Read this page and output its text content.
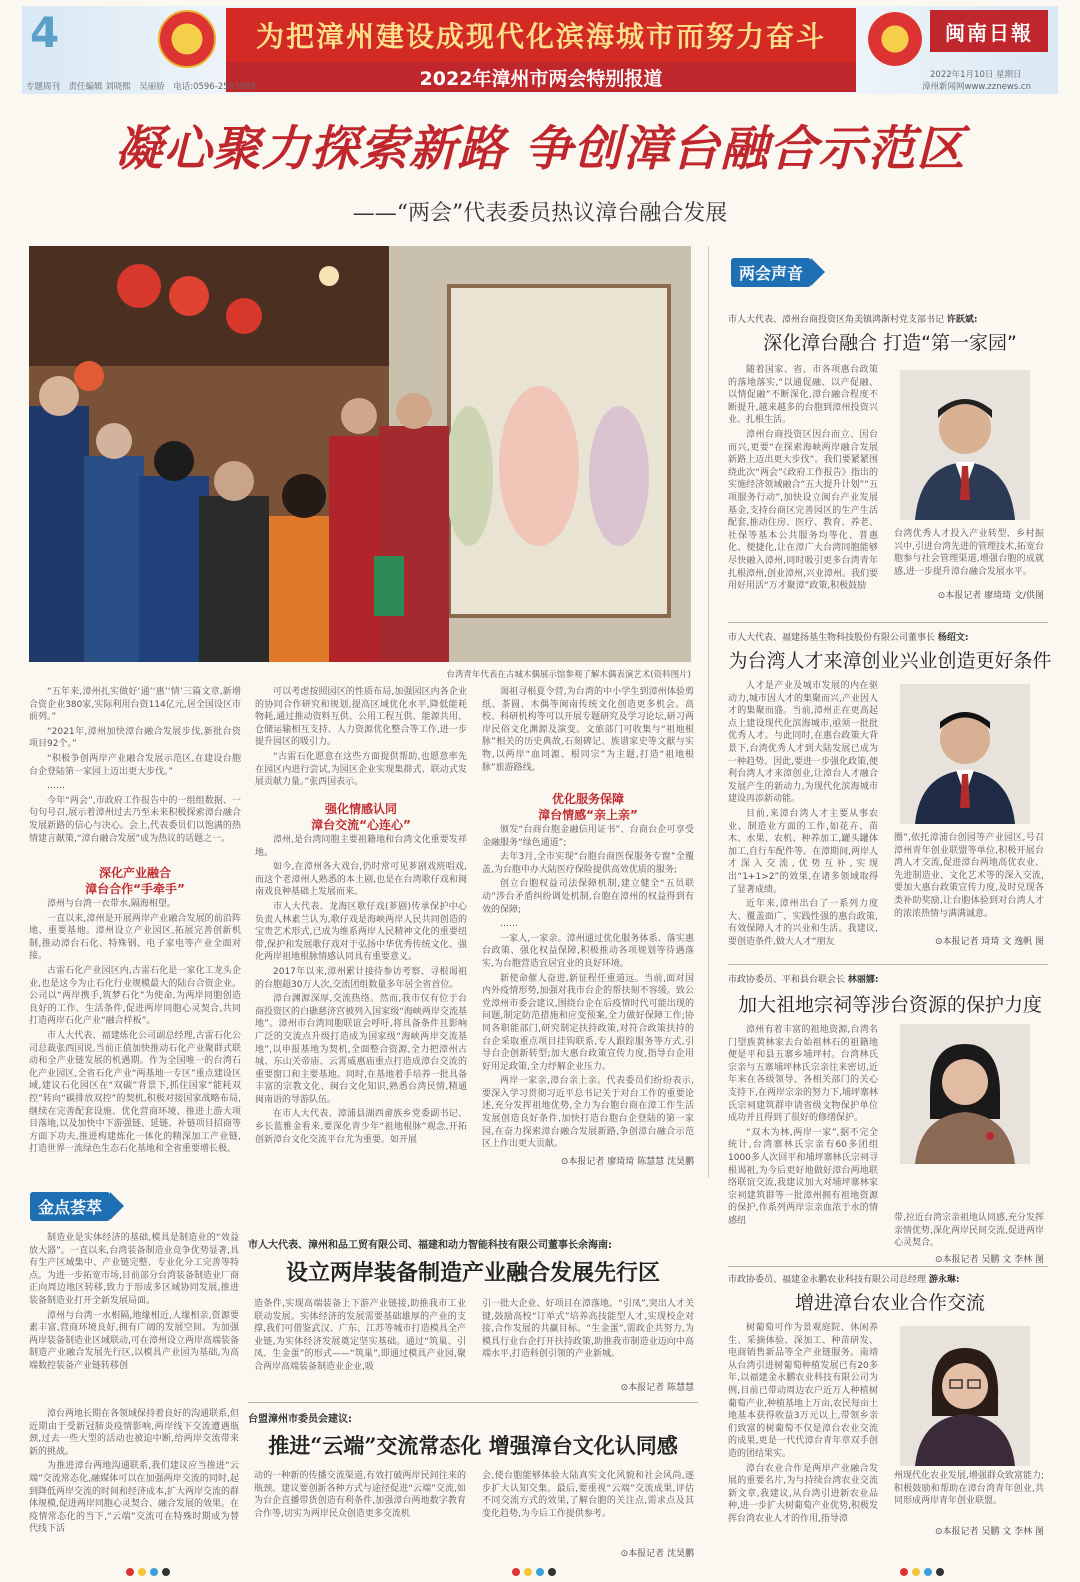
4	为把漳州建设成现代化滨海城市而努力奋斗
2022年漳州市两会特别报道
闽南日報
专题周刊　责任编辑 刘晓熙　吴丽娇　电话:0596-2593088
2022年1月10日 星期日
漳州新闻网www.zznews.cn
凝心聚力探索新路 争创漳台融合示范区
——“两会”代表委员热议漳台融合发展
台湾青年代表在古城木偶展示馆参观了解木偶表演艺术(资料图片)

“五年来,漳州扎实做好‘通’‘惠’‘情’三篇文章,新增合资企业380家,实际利用台资114亿元,居全国设区市前列。”

“2021年,漳州加快漳台融合发展步伐,新批台资项目92个。”

“积极争创两岸产业融合发展示范区,在建设台胞台企登陆第一家园上迈出更大步伐。”

……

今年“两会”,市政府工作报告中的一组组数据、一句句号召,展示着漳州过去乃至未来积极探索漳台融合发展新路的信心与决心。会上,代表委员们以饱满的热情建言献策,“漳台融合发展”成为热议的话题之一。

深化产业融合
漳台合作“手牵手”

漳州与台湾一衣带水,隔海相望。

一直以来,漳州是开展两岸产业融合发展的前沿阵地、重要基地。漳州设立产业园区,拓展完善创新机制,推动漳台石化、特殊钢、电子家电等产业全面对接。

古雷石化产业园区内,古雷石化是一家化工龙头企业,也是这今为止石化行业规模最大的陆台合资企业。公司以“两岸携手,筑梦石化”为使命,为两岸同胞创造良好的工作、生活条件,促进两岸同胞心灵契合,共同打造两岸石化产业“融合样板”。

市人大代表、福建炼化公司副总经理,古雷石化公司总裁张西国说,当前正值加快推动石化产业聚群式联动和全产业链发展的机遇期。作为全国唯一的台湾石化产业园区,全省石化产业“两基地一专区”重点建设区域,建议石化园区在“双碳”背景下,抓住国家“能耗双控”转向“碳排放双控”的契机,积极对接国家战略布局,继续在完善配套设施、优化营商环境、推进上游大项目落地,以及加快中下游强链、延链、补链项目招商等方面下功夫,推进构建炼化一体化的精深加工产业链,打造世界一流绿色生态石化基地和全省重要增长极。

可以考虑按照园区的性质布局,加强园区内各企业的协同合作研究和规划,提高区域优化水平,降低能耗物耗,通过推动资料互供、公用工程互供、能源共用、仓储运输相互支持、人力资源优化整合等工作,进一步提升园区的吸引力。

“古雷石化愿意在这些方面提供帮助,也愿意率先在园区内进行尝试,为园区企业实现集群式、联动式发展贡献力量。”张西国表示。

强化情感认同
漳台交流“心连心”

漳州,是台湾同胞主要祖籍地和台湾文化重要发祥地。

如今,在漳州各大戏台,仍时常可见芗剧戏班唱戏,而这个老漳州人熟悉的本土剧,也是在台湾歌仔戏和闽南戏良种基础上发展而来。

市人大代表、龙海区歌仔戏(芗剧)传承保护中心负责人林素兰认为,歌仔戏是海峡两岸人民共同创造的宝贵艺术形式,已成为维系两岸人民精神文化的重要纽带,保护和发展歌仔戏对于弘扬中华优秀传统文化、强化两岸祖地根脉情感认同具有重要意义。

2017年以来,漳州累计接待参访考察、寻根谒祖的台胞超30万人次,交流团组数量多年居全省首位。

漳台渊源深厚,交流热络。然而,我市仅有位于台商投资区的白礁慈济宫被列入国家级“海峡两岸交流基地”。漳州市台湾同胞联谊会呼吁,将具备条件且影响广泛的交流点升级打造成为国家级“海峡两岸交流基地”,以申报基地为契机,全面整合资源,全力把漳州古城、东山关帝庙、云霄威惠庙重点打造成漳台交流的重要窗口和主要基地。同时,在基地着手培养一批具备丰富的宗教文化、闽台文化知识,熟悉台湾民情,精通闽南语的导游队伍。

在市人大代表、漳浦县湖西畲族乡党委副书记、乡长蓝雅金看来,要深化青少年“祖地根脉”观念,开拓创新漳台文化交流平台尤为重要。如开展

谒祖寻根夏令营,为台湾的中小学生到漳州体验剪纸、茶圆、木偶等闽南传统文化创造更多机会。高校、科研机构等可以开展专题研究及学习论坛,研习两岸民俗文化渊源及演变。文旅部门可收集与“祖地根脉”相关的历史典故,石刻碑记、族谱家史等文献与实物,以两岸“血同源、根同宗”为主题,打造“祖地根脉”旅游路线。

优化服务保障
漳台情感“亲上亲”

颁发“台商台胞金融信用证书”、台商台企可享受金融服务“绿色通道”;

去年3月,全市实现“台胞台商医保服务专窗”全覆盖,为台胞申办大陆医疗保险提供高效优质的服务;

创立台胞权益司法保障机制,建立健全“五员联动”涉台矛盾纠纷调处机制,台胞在漳州的权益得到有效的保障;

……

一家人,一家亲。漳州通过优化服务体系、落实惠台政策、强化权益保障,积极推动各项规划等待遇落实,为台胞营造宜居宜业的良好环境。

新使命催人奋进,新征程任重道远。当前,面对国内外疫情形势,加强对我市台企的帮扶刻不容缓。致公党漳州市委会建议,围绕台企在后疫情时代可能出现的问题,制定防范措施和应变预案,全力做好保障工作;协同各职能部门,研究制定扶持政策,对符合政策扶持的台企采取重点项目挂钩联系,专人跟踪服务等方式,引导台企创新转型;加大惠台政策宣传力度,指导台企用好用足政策,全力纾解企业压力。

两岸一家亲,漳台亲上亲。代表委员们纷纷表示,要深入学习贯彻习近平总书记关于对台工作的重要论述,充分发挥祖地优势,全力为台胞台商在漳工作生活发展创造良好条件,加快打造台胞台企登陆的第一家园,在奋力探索漳台融合发展新路,争创漳台融合示范区上作出更大贡献。

⊙本报记者 廖琦琦 陈慧慧 沈昊鹏
两会声音
市人大代表、漳州台商投资区角美镇鸿渐村党支部书记 许跃斌:
深化漳台融合 打造“第一家园”

随着国家、省、市各项惠台政策的落地落实,“以通促融、以产促融、以情促融”不断深化,漳台融合程度不断提升,越来越多的台胞到漳州投资兴业、扎根生活。

漳州台商投资区因台而立、因台而兴,更要“在探索海峡两岸融合发展新路上迈出更大步伐”。我们要紧紧围绕此次“两会”《政府工作报告》指出的实施经济领域融合“五大提升计划”“五项服务行动”,加快设立闽台产业发展基金,支持台商区完善园区的生产生活配套,推动住房、医疗、教育、养老、社保等基本公共服务均等化、普惠化、便捷化,让在漳广大台湾同胞能够尽快融入漳州,同时吸引更多台湾青年扎根漳州,创业漳州,兴业漳州。我们要用好用活“万才聚漳”政策,积极鼓励

台湾优秀人才投入产业转型、乡村振兴中,引进台湾先进的管理技术,拓宽台胞参与社会管理渠道,增强台胞的成就感,进一步提升漳台融合发展水平。
⊙本报记者 廖琦琦 文/供图
市人大代表、福建扬基生物科技股份有限公司董事长 杨绍文:
为台湾人才来漳创业兴业创造更好条件

人才是产业及城市发展的内在驱动力,城市因人才的集聚而兴,产业因人才的集聚而盛。当前,漳州正在更高起点上建设现代化滨海城市,亟须一批批优秀人才。与此同时,在惠台政策大背景下,台湾优秀人才到大陆发展已成为一种趋势。因此,要进一步强化政策,便利台湾人才来漳创业,让漳台人才融合发展产生的新动力,为现代化滨海城市建设再添新动能。

目前,来漳台湾人才主要从事农业、制造业方面的工作,如花卉、苗木、水果、农机、种养加工,罐头罐体加工,自行车配件等。在漳期间,两岸人才深入交流,优势互补,实现出“1+1>2”的效果,在诸多领域取得了显著成绩。

近年来,漳州出台了一系列力度大、覆盖面广、实践性强的惠台政策,有效保障人才的兴业和生活。我建议,要创造条件,做大人才“朋友

圈”,依托漳浦台创园等产业园区,号召漳州青年创业联盟等单位,积极开展台湾人才交流,促进漳台两地高优农业、先进制造业、文化艺术等的深入交流,要加大惠台政策宣传力度,及时兑现各类补助奖励,让台胞体验到对台湾人才的浓浓热情与满满诚意。
⊙本报记者 琦琦 文 逸帆 图
市政协委员、平和县台联会长 林丽娜:
加大祖地宗祠等涉台资源的保护力度

漳州有着丰富的祖地资源,台湾名门望族黄林家去台始祖林石的祖籍地便是平和县五寨乡埔坪村。台湾林氏宗亲与五寨埔坪林氏宗亲往来密切,近年来在各级领导、各相关部门的关心支持下,在两岸宗亲的努力下,埔坪寨林氏宗祠建筑群申请省级文物保护单位成功并且得到了很好的修缮保护。

“双木为林,两岸一家”,据不完全统计,台湾寨林氏宗亲有60多团组1000多人次回平和埔坪寨林氏宗祠寻根谒祖,为今后更好地做好漳台两地联络联谊交流,我建议加大对埔坪寨林家宗祠建筑群等一批漳州拥有祖地资源的保护,作系列两岸宗亲血浓于水的情感纽	带,拉近台湾宗亲祖地认同感,充分发挥亲情优势,深化两岸民间交流,促进两岸心灵契合。
⊙本报记者 吴鹏 文 李林 图
市政协委员、福建金永鹏农业科技有限公司总经理 游永琳:
增进漳台农业合作交流

树葡萄可作为景观庭院、休闲养生、采摘体验、深加工、种苗研发、电商销售新品等全产业链服务。南靖从台湾引进树葡萄种植发展已有20多年,以福建金永鹏农业科技有限公司为例,目前已带动周边农户近万人种植树葡萄产业,种植基地上万亩,农民每亩土地基本获得收益3万元以上,带领乡亲们致富的树葡萄不仅是漳台农业交流的成果,更是一代代漳台青年章双手创造的团结果实。

漳台农业合作是两岸产业融合发展的重要名片,为与持续台湾农业交流新文章,我建议,从台湾引进新农业品种,进一步扩大树葡萄产业优势,积极发挥台湾农业人才的作用,指导漳

州现代化农业发展,增强群众致富能力;积极鼓励和帮助在漳台湾青年创业,共同形成两岸青年创业联盟。
⊙本报记者 吴鹏 文 李林 图
金点荟萃

制造业是实体经济的基础,模具是制造业的“效益放大器”。一直以来,台湾装备制造业竞争优势显著,具有生产区域集中、产业链完整、专业化分工完善等特点。为进一步拓宽市场,目前部分台湾装备制造业厂商正向周边地区转移,致力于形成多区域协同发展,推进装备制造业打开全新发展局面。

漳州与台湾一水相隔,地缘相近,人缘相亲,资源要素丰富,营商环境良好,拥有广阔的发展空间。为加强两岸装备制造业区域联动,可在漳州设立两岸高端装备制造产业融合发展先行区,以模具产业园为基础,为高端数控装备产业链转移创

漳台两地长期在各领域保持着良好的沟通联系,但近期由于受新冠肺炎疫情影响,两岸线下交流遭遇瓶颈,过去一些大型的活动也被迫中断,给两岸交流带来新的挑战。

为推进漳台两地沟通联系,我们建议应当推进“云端”交流常态化,融媒体可以在加强两岸交流的同时,起到降低两岸交流的时间和经济成本,扩大两岸交流的群体规模,促进两岸同胞心灵契合、融合发展的效果。在疫情常态化的当下,“云端”交流可在特殊时期成为替代线下活

市人大代表、漳州和品工贸有限公司、福建和动力智能科技有限公司董事长余海南:
设立两岸装备制造产业融合发展先行区
造条件,实现高端装备上下游产业链接,助推我市工业联动发展。实体经济的发展需要基础雄厚的产业的支撑,我们可借鉴武汉、广东、江苏等城市打造模具全产业链,为实体经济发展奠定坚实基础。通过“筑巢、引凤、生金蛋”的形式——“筑巢”,即通过模具产业园,聚合两岸高端装备制造业企业,吸
引一批大企业、好项目在漳落地。“引凤”,突出人才关键,鼓励高校“订单式”培养高技能型人才,实现校企对接,合作发展的共赢目标。“生金蛋”,需政企共努力,为模具行业台企打开扶持政策,助推我市制造业迈向中高端水平,打造科创引领的产业新城。
⊙本报记者 陈慧慧
台盟漳州市委员会建议:
推进“云端”交流常态化 增强漳台文化认同感
动的一种新的传播交流渠道,有效打破两岸民间往来的瓶颈。建议要创新各种方式与途径促进“云端”交流,如为台企直播带货创造有利条件,加强漳台两地数字教育合作等,切实为两岸民众创造更多交流机
会,使台胞能够体验大陆真实文化风貌和社会风尚,逐步扩大认知交集。最后,要重视“云端”交流成果,评估不同交流方式的效果,了解台胞的关注点,需求点及其变化趋势,为今后工作提供参考。
⊙本报记者 沈昊鹏
